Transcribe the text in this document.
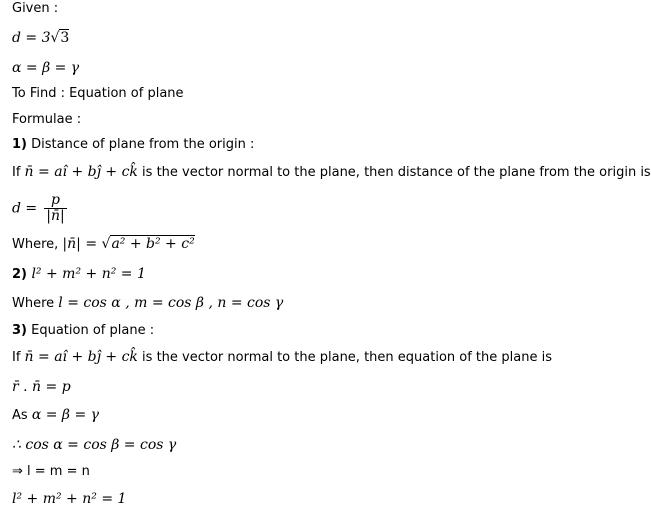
Given :
d = 3√3
α = β = γ
To Find : Equation of plane
Formulae :
1) Distance of plane from the origin :
If n̄ = aî + bĵ + ck̂ is the vector normal to the plane, then distance of the plane from the origin is
$d = \frac{p}{|n̄|}$
Where, |n̄| = √a² + b² + c²
2) l² + m² + n² = 1
Where l = cos α , m = cos β , n = cos γ
3) Equation of plane :
If n̄ = aî + bĵ + ck̂ is the vector normal to the plane, then equation of the plane is
r̄ . n̄ = p
As α = β = γ
∴ cos α = cos β = cos γ
⇒ l = m = n
l² + m² + n² = 1
